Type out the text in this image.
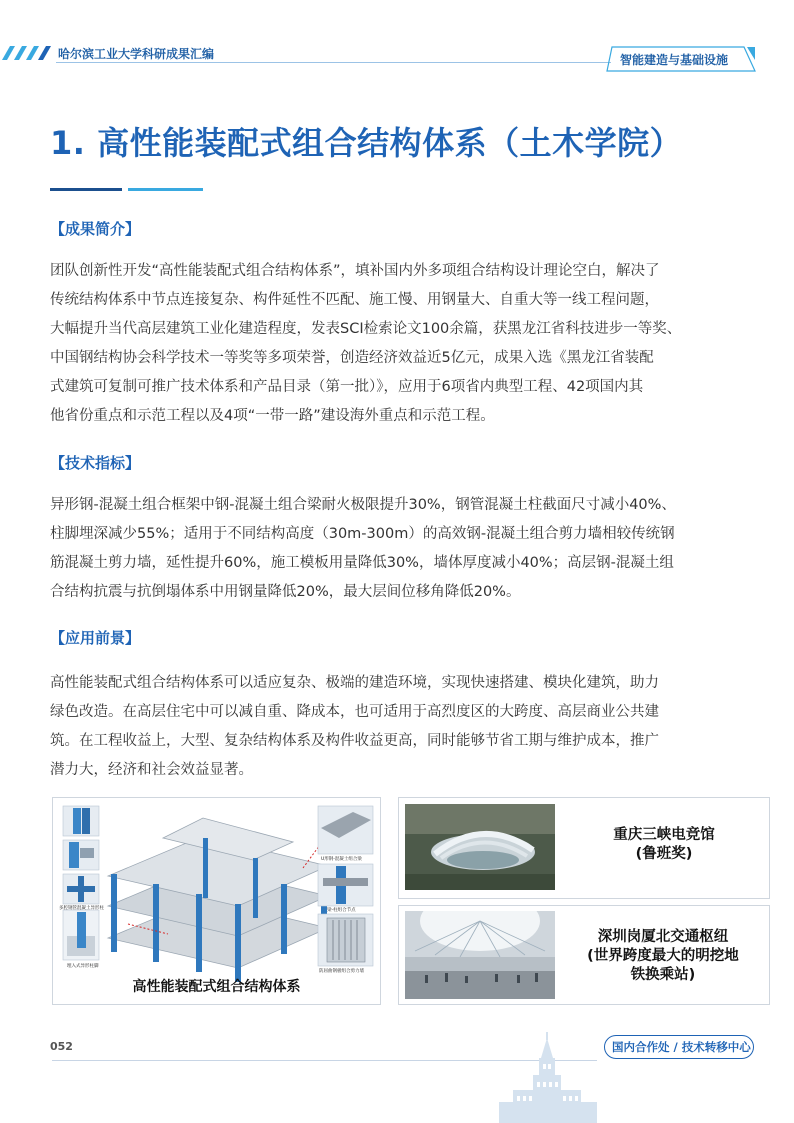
哈尔滨工业大学科研成果汇编	智能建造与基础设施
1. 高性能装配式组合结构体系（土木学院）
【成果简介】
团队创新性开发“高性能装配式组合结构体系”，填补国内外多项组合结构设计理论空白，解决了
传统结构体系中节点连接复杂、构件延性不匹配、施工慢、用钢量大、自重大等一线工程问题，
大幅提升当代高层建筑工业化建造程度，发表SCI检索论文100余篇，获黑龙江省科技进步一等奖、
中国钢结构协会科学技术一等奖等多项荣誉，创造经济效益近5亿元，成果入选《黑龙江省装配
式建筑可复制可推广技术体系和产品目录（第一批）》，应用于6项省内典型工程、42项国内其
他省份重点和示范工程以及4项“一带一路”建设海外重点和示范工程。
【技术指标】
异形钢-混凝土组合框架中钢-混凝土组合梁耐火极限提升30%，钢管混凝土柱截面尺寸减小40%、
柱脚埋深减少55%；适用于不同结构高度（30m-300m）的高效钢-混凝土组合剪力墙相较传统钢
筋混凝土剪力墙，延性提升60%，施工模板用量降低30%，墙体厚度减小40%；高层钢-混凝土组
合结构抗震与抗倒塌体系中用钢量降低20%，最大层间位移角降低20%。
【应用前景】
高性能装配式组合结构体系可以适应复杂、极端的建造环境，实现快速搭建、模块化建筑，助力
绿色改造。在高层住宅中可以减自重、降成本，也可适用于高烈度区的大跨度、高层商业公共建
筑。在工程收益上，大型、复杂结构体系及构件收益更高，同时能够节省工期与维护成本，推广
潜力大，经济和社会效益显著。
多腔钢管混凝土异形柱
埋入式异形柱脚
U形钢-混凝土组合梁
梁-柱组合节点
防屈曲钢板组合剪力墙
高性能装配式组合结构体系
重庆三峡电竞馆
(鲁班奖)
深圳岗厦北交通枢纽
(世界跨度最大的明挖地
铁换乘站)
052	国内合作处 / 技术转移中心
